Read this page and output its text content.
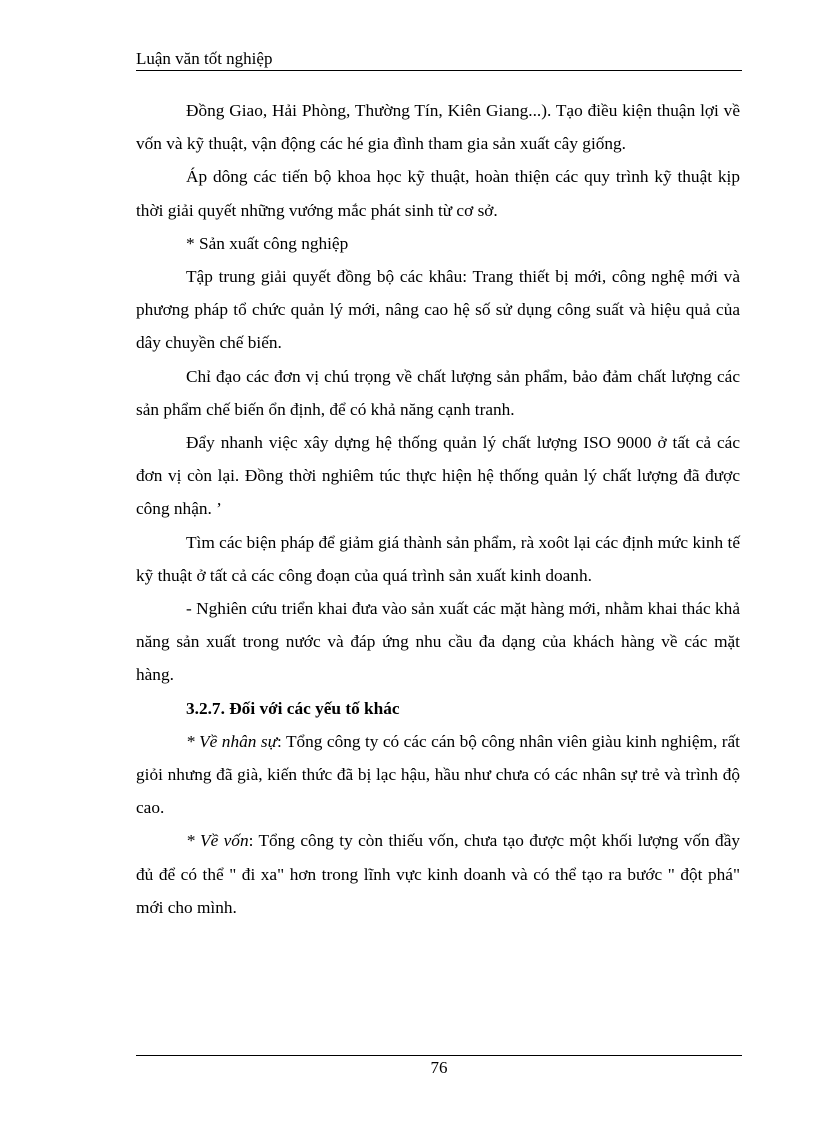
Luận văn tốt nghiệp

Đồng Giao, Hải Phòng, Thường Tín, Kiên Giang...). Tạo điều kiện thuận lợi về vốn và kỹ thuật, vận động các hé gia đình tham gia sản xuất cây giống.

Áp dông các tiến bộ khoa học kỹ thuật, hoàn thiện các quy trình kỹ thuật kịp thời giải quyết những vướng mắc phát sinh từ cơ sở.

* Sản xuất công nghiệp

Tập trung giải quyết đồng bộ các khâu: Trang thiết bị mới, công nghệ mới và phương pháp tổ chức quản lý mới, nâng cao hệ số sử dụng công suất và hiệu quả của dây chuyền chế biến.

Chỉ đạo các đơn vị chú trọng về chất lượng sản phẩm, bảo đảm chất lượng các sản phẩm chế biến ổn định, để có khả năng cạnh tranh.

Đẩy nhanh việc xây dựng hệ thống quản lý chất lượng ISO 9000 ở tất cả các đơn vị còn lại. Đồng thời nghiêm túc thực hiện hệ thống quản lý chất lượng đã được công nhận. ’

Tìm các biện pháp để giảm giá thành sản phẩm, rà xoôt lại các định mức kinh tế kỹ thuật ở tất cả các công đoạn của quá trình sản xuất kinh doanh.

- Nghiên cứu triển khai đưa vào sản xuất các mặt hàng mới, nhằm khai thác khả năng sản xuất trong nước và đáp ứng nhu cầu đa dạng của khách hàng về các mặt hàng.

3.2.7. Đối với các yếu tố khác

* Về nhân sự: Tổng công ty có các cán bộ công nhân viên giàu kinh nghiệm, rất giỏi nhưng đã già, kiến thức đã bị lạc hậu, hầu như chưa có các nhân sự trẻ và trình độ cao.

* Về vốn: Tổng công ty còn thiếu vốn, chưa tạo được một khối lượng vốn đầy đủ để có thể " đi xa" hơn trong lĩnh vực kinh doanh và có thể tạo ra bước " đột phá" mới cho mình.

76
